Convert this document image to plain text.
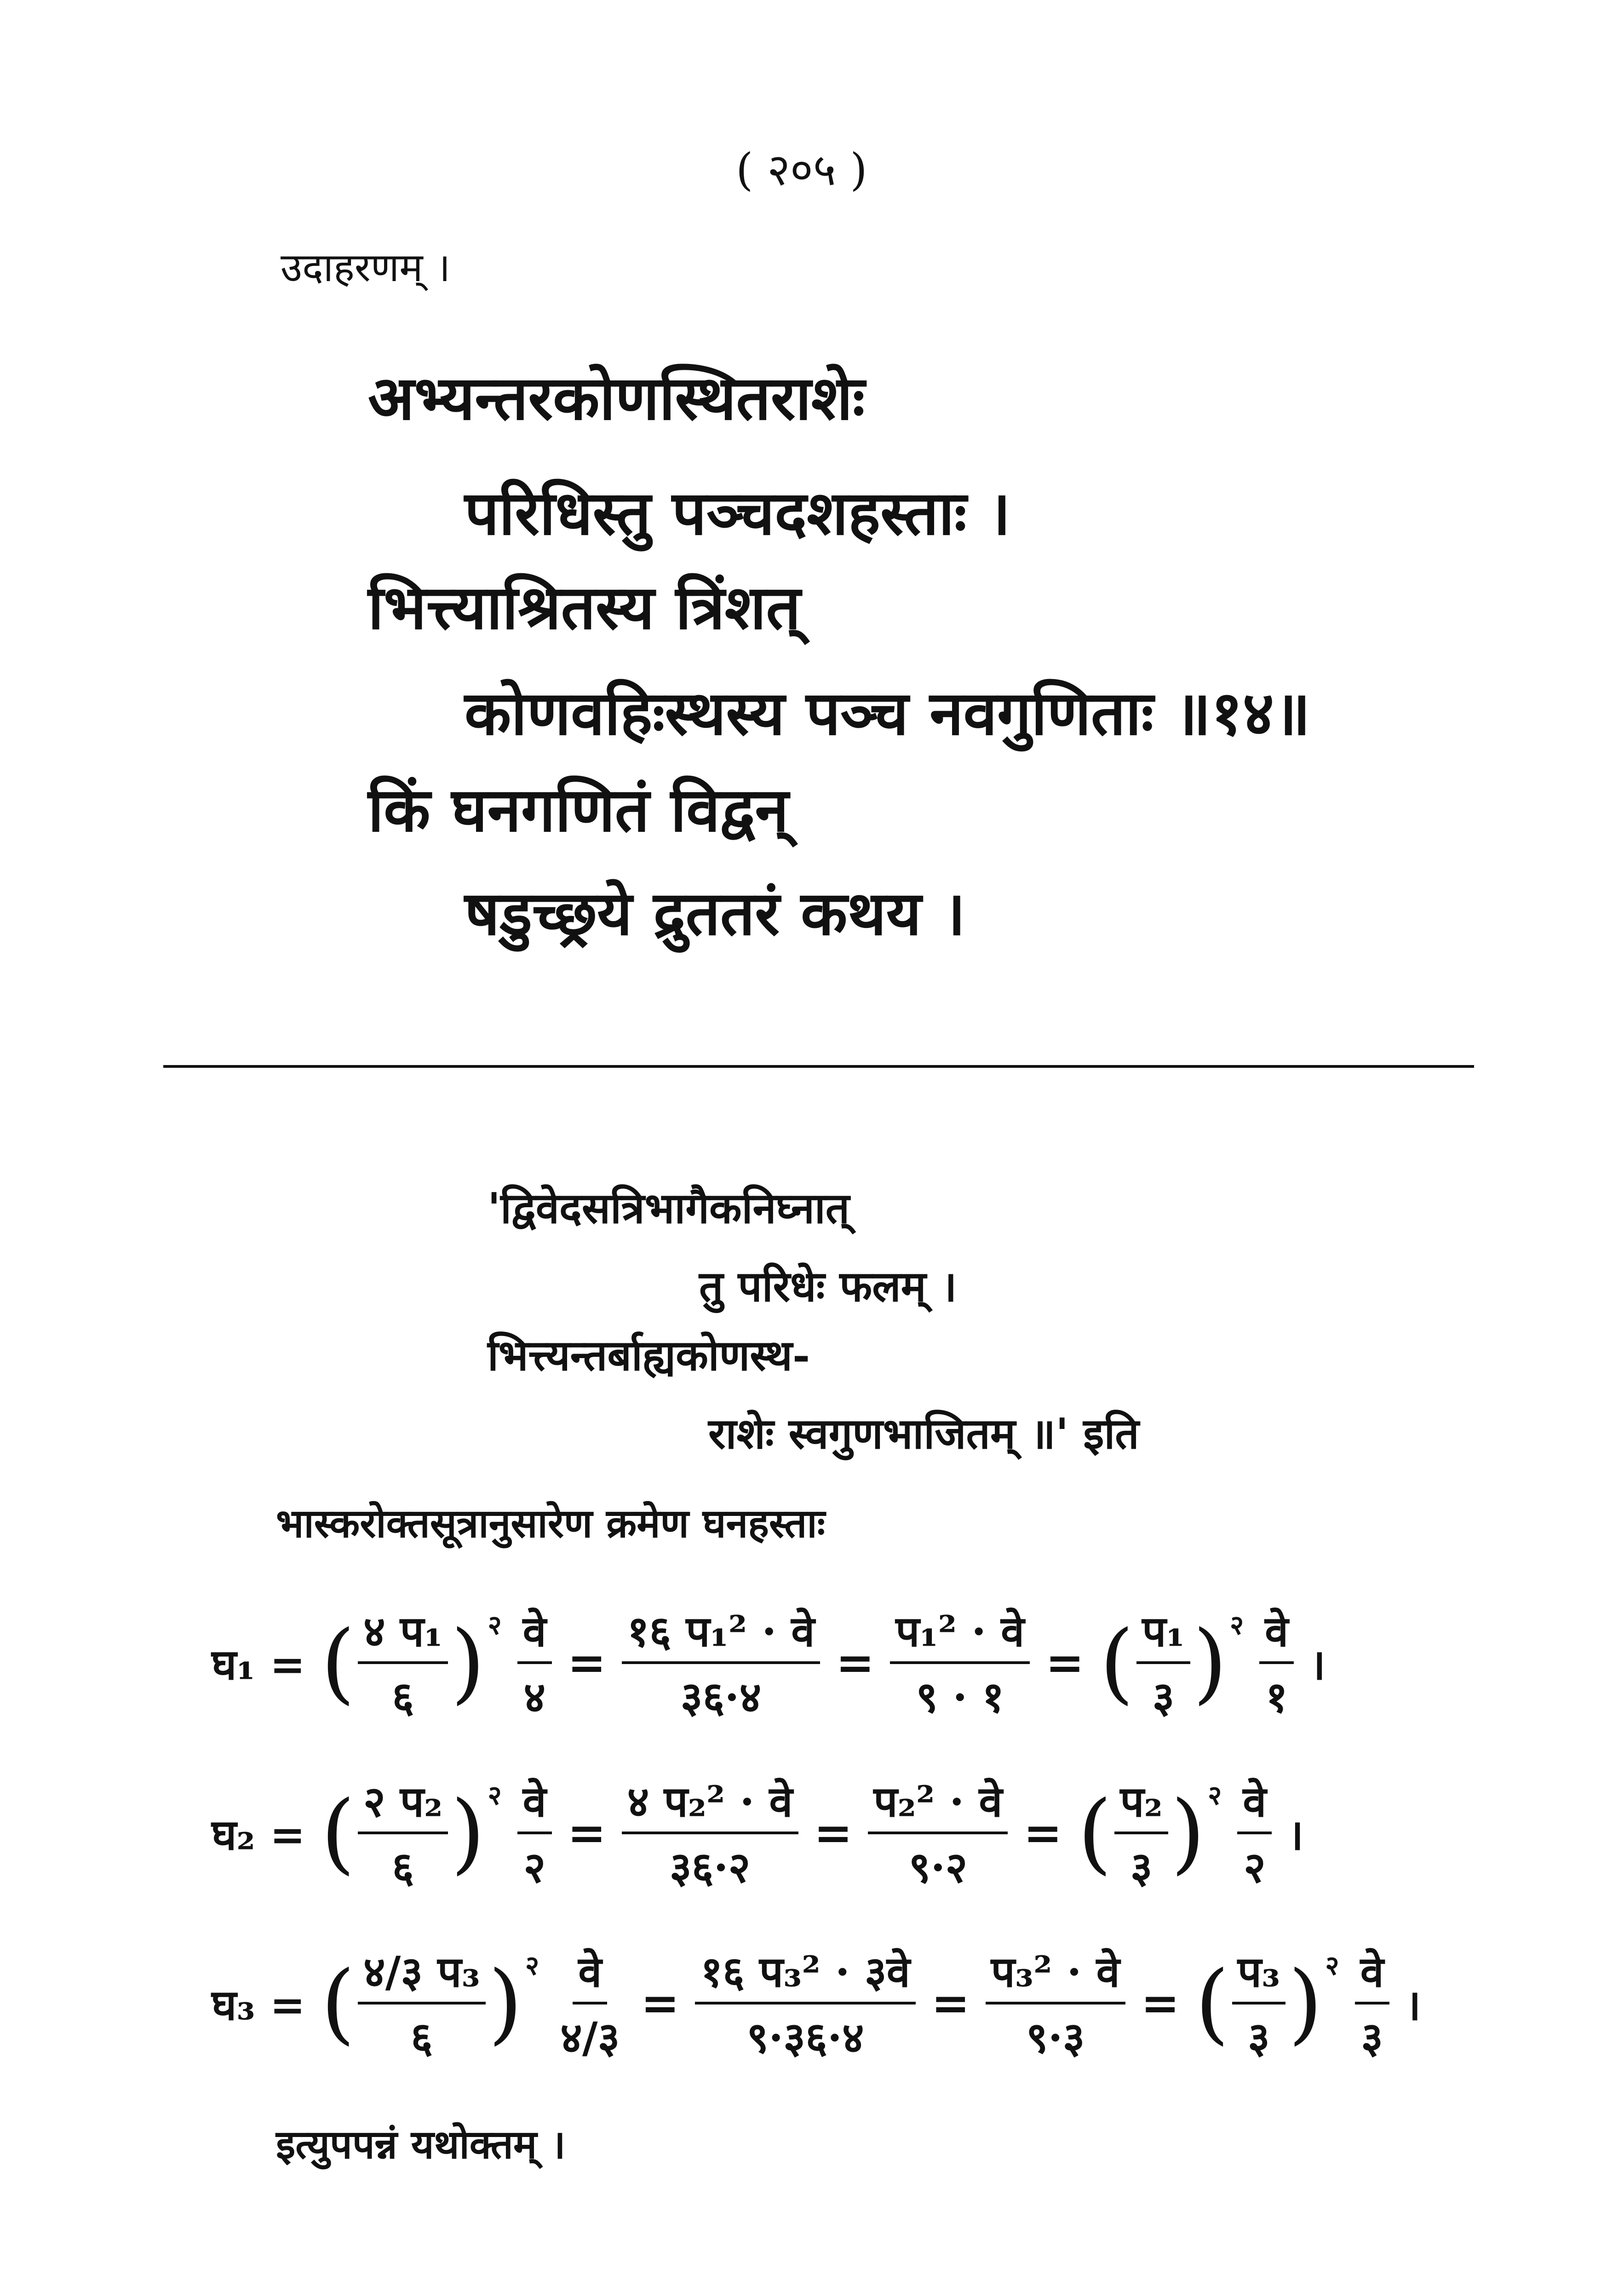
( २०५ )
उदाहरणम् ।
अभ्यन्तरकोणस्थितराशेः
परिधिस्तु पञ्चदशहस्ताः ।
भित्त्याश्रितस्य त्रिंशत्
कोणवहिःस्थस्य पञ्च नवगुणिताः ॥१४॥
किं घनगणितं विद्वन्
षडुच्छ्रये द्रुततरं कथय ।
'द्विवेदसत्रिभागैकनिघ्नात्
तु परिधेः फलम् ।
भित्त्यन्तर्बाह्यकोणस्थ-
राशेः स्वगुणभाजितम् ॥' इति
भास्करोक्तसूत्रानुसारेण क्रमेण घनहस्ताः
घ₁ = ( $\frac{\text{४ प₁}}{६}$ ) २ $\frac{\text{वे}}{४} = \frac{\text{१६ प₁² · वे}}{३६\cdot ४} = \frac{\text{प₁² · वे}}{९ \cdot १}$ = ( $\frac{\text{प₁}}{३}$ ) २ $\frac{\text{वे}}{१}$ ।
घ₂ = ( $\frac{\text{२ प₂}}{६}$ ) २ $\frac{\text{वे}}{२} = \frac{\text{४ प₂² · वे}}{३६\cdot २} = \frac{\text{प₂² · वे}}{९\cdot २}$ = ( $\frac{\text{प₂}}{३}$ ) २ $\frac{\text{वे}}{२}$ ।
घ₃ = ( $\frac{\text{४/३ प₃}}{६}$ ) २ $\frac{\text{वे}}{४/३} = \frac{\text{१६ प₃² · ३वे}}{९\cdot ३६\cdot ४} = \frac{\text{प₃² · वे}}{९\cdot ३}$ = ( $\frac{\text{प₃}}{३}$ ) २ $\frac{\text{वे}}{३}$ ।
इत्युपपन्नं यथोक्तम् ।
